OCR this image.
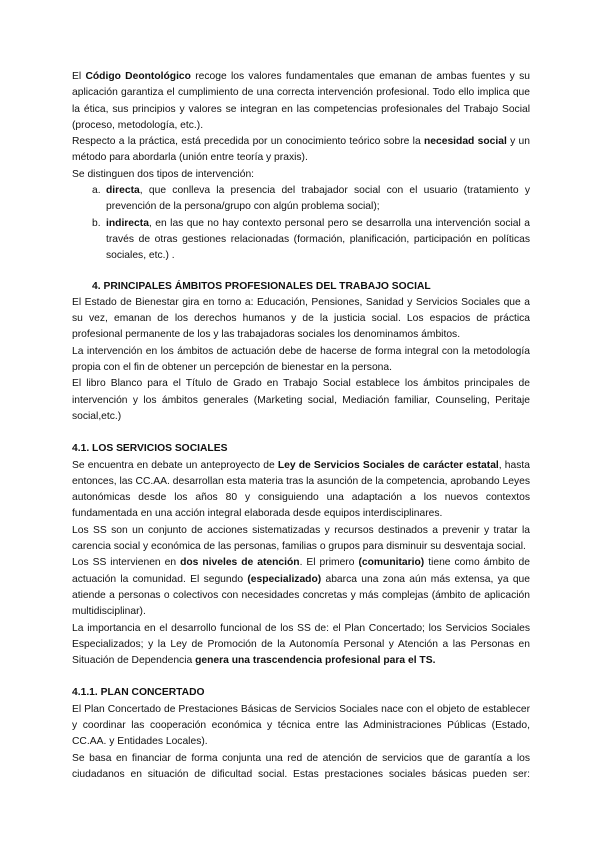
El Código Deontológico recoge los valores fundamentales que emanan de ambas fuentes y su aplicación garantiza el cumplimiento de una correcta intervención profesional. Todo ello implica que la ética, sus principios y valores se integran en las competencias profesionales del Trabajo Social (proceso, metodología, etc.).

Respecto a la práctica, está precedida por un conocimiento teórico sobre la necesidad social y un método para abordarla (unión entre teoría y praxis).

Se distinguen dos tipos de intervención:

a. directa, que conlleva la presencia del trabajador social con el usuario (tratamiento y prevención de la persona/grupo con algún problema social);
b. indirecta, en las que no hay contexto personal pero se desarrolla una intervención social a través de otras gestiones relacionadas (formación, planificación, participación en políticas sociales, etc.) .
4. PRINCIPALES ÁMBITOS PROFESIONALES DEL TRABAJO SOCIAL

El Estado de Bienestar gira en torno a: Educación, Pensiones, Sanidad y Servicios Sociales que a su vez, emanan de los derechos humanos y de la justicia social. Los espacios de práctica profesional permanente de los y las trabajadoras sociales los denominamos ámbitos.

La intervención en los ámbitos de actuación debe de hacerse de forma integral con la metodología propia con el fin de obtener un percepción de bienestar en la persona.

El libro Blanco para el Título de Grado en Trabajo Social establece los ámbitos principales de intervención y los ámbitos generales (Marketing social, Mediación familiar, Counseling, Peritaje social,etc.)

4.1. LOS SERVICIOS SOCIALES

Se encuentra en debate un anteproyecto de Ley de Servicios Sociales de carácter estatal, hasta entonces, las CC.AA. desarrollan esta materia tras la asunción de la competencia, aprobando Leyes autonómicas desde los años 80 y consiguiendo una adaptación a los nuevos contextos fundamentada en una acción integral elaborada desde equipos interdisciplinares.

Los SS son un conjunto de acciones sistematizadas y recursos destinados a prevenir y tratar la carencia social y económica de las personas, familias o grupos para disminuir su desventaja social.

Los SS intervienen en dos niveles de atención. El primero (comunitario) tiene como ámbito de actuación la comunidad. El segundo (especializado) abarca una zona aún más extensa, ya que atiende a personas o colectivos con necesidades concretas y más complejas (ámbito de aplicación multidisciplinar).

La importancia en el desarrollo funcional de los SS de: el Plan Concertado; los Servicios Sociales Especializados; y la Ley de Promoción de la Autonomía Personal y Atención a las Personas en Situación de Dependencia genera una trascendencia profesional para el TS.

4.1.1. PLAN CONCERTADO

El Plan Concertado de Prestaciones Básicas de Servicios Sociales nace con el objeto de establecer y coordinar las cooperación económica y técnica entre las Administraciones Públicas (Estado, CC.AA. y Entidades Locales).

Se basa en financiar de forma conjunta una red de atención de servicios que de garantía a los ciudadanos en situación de dificultad social. Estas prestaciones sociales básicas pueden ser:
